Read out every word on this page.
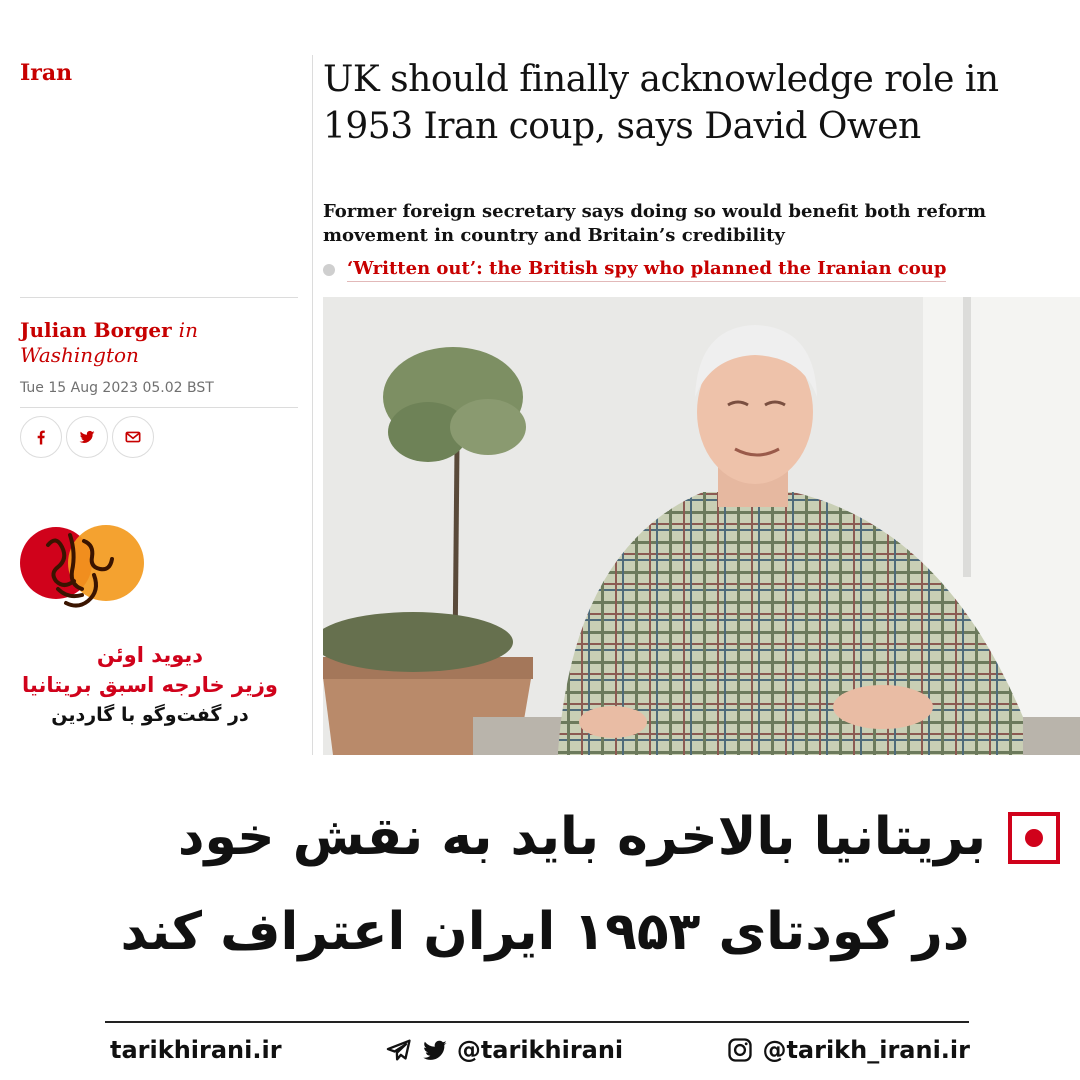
Iran
Julian Borger in
Washington
Tue 15 Aug 2023 05.02 BST
دیوید اوئن
وزیر خارجه اسبق بریتانیا
در گفت‌وگو با گاردین
UK should finally acknowledge role in
1953 Iran coup, says David Owen
Former foreign secretary says doing so would benefit both reform movement in country and Britain’s credibility
‘Written out’: the British spy who planned the Iranian coup
بریتانیا بالاخره باید به نقش خود
در کودتای ۱۹۵۳ ایران اعتراف کند
tarikhirani.ir	@tarikhirani	@tarikh_irani.ir
